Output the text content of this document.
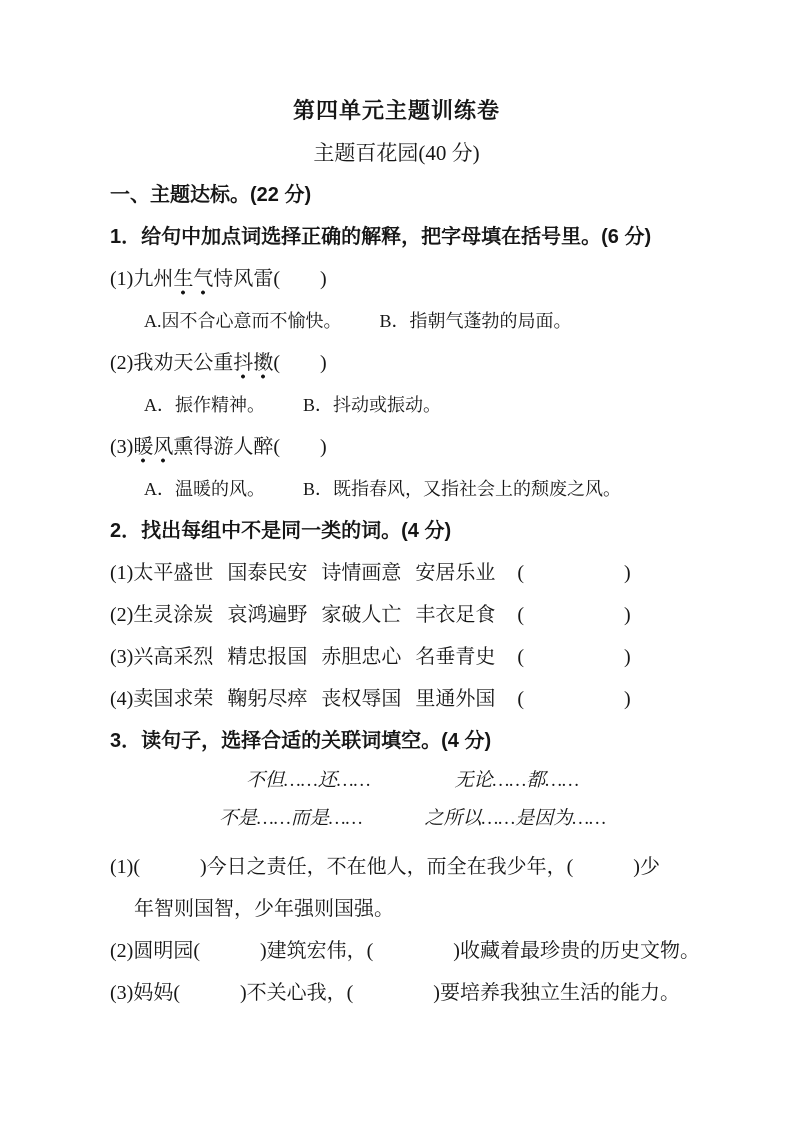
第四单元主题训练卷
主题百花园(40 分)
一、主题达标。(22 分)
1．给句中加点词选择正确的解释，把字母填在括号里。(6 分)
(1)九州生气恃风雷(　　)
A.因不合心意而不愉快。 B．指朝气蓬勃的局面。
(2)我劝天公重抖擞(　　)
A．振作精神。 B．抖动或振动。
(3)暖风熏得游人醉(　　)
A．温暖的风。 B．既指春风，又指社会上的颓废之风。
2．找出每组中不是同一类的词。(4 分)
(1)太平盛世 国泰民安 诗情画意 安居乐业 (　　　　　)
(2)生灵涂炭 哀鸿遍野 家破人亡 丰衣足食 (　　　　　)
(3)兴高采烈 精忠报国 赤胆忠心 名垂青史 (　　　　　)
(4)卖国求荣 鞠躬尽瘁 丧权辱国 里通外国 (　　　　　)
3．读句子，选择合适的关联词填空。(4 分)
不但……还……	无论……都……
不是……而是……	之所以……是因为……
(1)(　　　)今日之责任，不在他人，而全在我少年，(　　　)少
年智则国智，少年强则国强。
(2)圆明园(　　　)建筑宏伟，(　　　　)收藏着最珍贵的历史文物。
(3)妈妈(　　　)不关心我，(　　　　)要培养我独立生活的能力。
